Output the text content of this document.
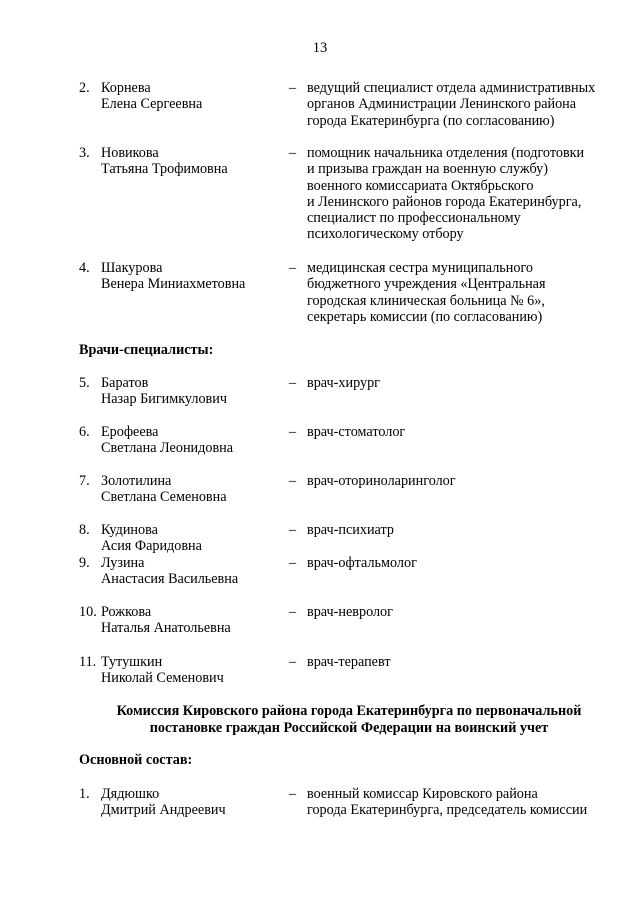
13
2. Корнева
Елена Сергеевна
– ведущий специалист отдела административных
органов Администрации Ленинского района
города Екатеринбурга (по согласованию)
3. Новикова
Татьяна Трофимовна
– помощник начальника отделения (подготовки
и призыва граждан на военную службу)
военного комиссариата Октябрьского
и Ленинского районов города Екатеринбурга,
специалист по профессиональному
психологическому отбору
4. Шакурова
Венера Миниахметовна
– медицинская сестра муниципального
бюджетного учреждения «Центральная
городская клиническая больница № 6»,
секретарь комиссии (по согласованию)
Врачи-специалисты:
5. Баратов
Назар Бигимкулович
– врач-хирург
6. Ерофеева
Светлана Леонидовна
– врач-стоматолог
7. Золотилина
Светлана Семеновна
– врач-оториноларинголог
8. Кудинова
Асия Фаридовна
– врач-психиатр
9. Лузина
Анастасия Васильевна
– врач-офтальмолог
10. Рожкова
Наталья Анатольевна
– врач-невролог
11. Тутушкин
Николай Семенович
– врач-терапевт
Комиссия Кировского района города Екатеринбурга по первоначальной
постановке граждан Российской Федерации на воинский учет
Основной состав:
1. Дядюшко
Дмитрий Андреевич
– военный комиссар Кировского района
города Екатеринбурга, председатель комиссии
